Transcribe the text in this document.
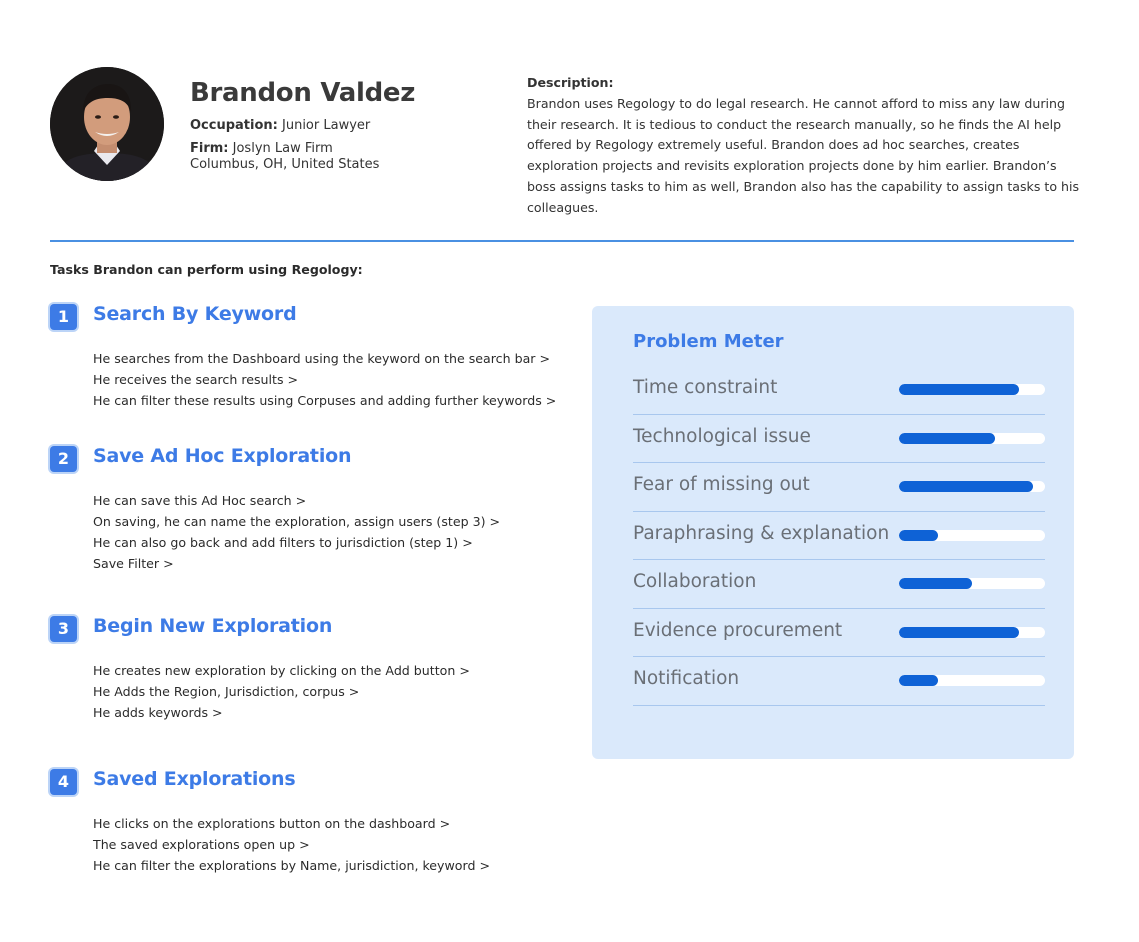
Brandon Valdez
Occupation: Junior Lawyer
Firm: Joslyn Law Firm
Columbus, OH, United States
Description:
Brandon uses Regology to do legal research. He cannot afford to miss any law during their research. It is tedious to conduct the research manually, so he finds the AI help offered by Regology extremely useful. Brandon does ad hoc searches, creates exploration projects and revisits exploration projects done by him earlier. Brandon’s boss assigns tasks to him as well, Brandon also has the capability to assign tasks to his colleagues.
Tasks Brandon can perform using Regology:
1	Search By Keyword
He searches from the Dashboard using the keyword on the search bar >
He receives the search results >
He can filter these results using Corpuses and adding further keywords >
2	Save Ad Hoc Exploration
He can save this Ad Hoc search >
On saving, he can name the exploration, assign users (step 3) >
He can also go back and add filters to jurisdiction (step 1) >
Save Filter >
3	Begin New Exploration
He creates new exploration by clicking on the Add button >
He Adds the Region, Jurisdiction, corpus >
He adds keywords >
4	Saved Explorations
He clicks on the explorations button on the dashboard >
The saved explorations open up >
He can filter the explorations by Name, jurisdiction, keyword >
Problem Meter
Time constraint
Technological issue
Fear of missing out
Paraphrasing & explanation
Collaboration
Evidence procurement
Notification
